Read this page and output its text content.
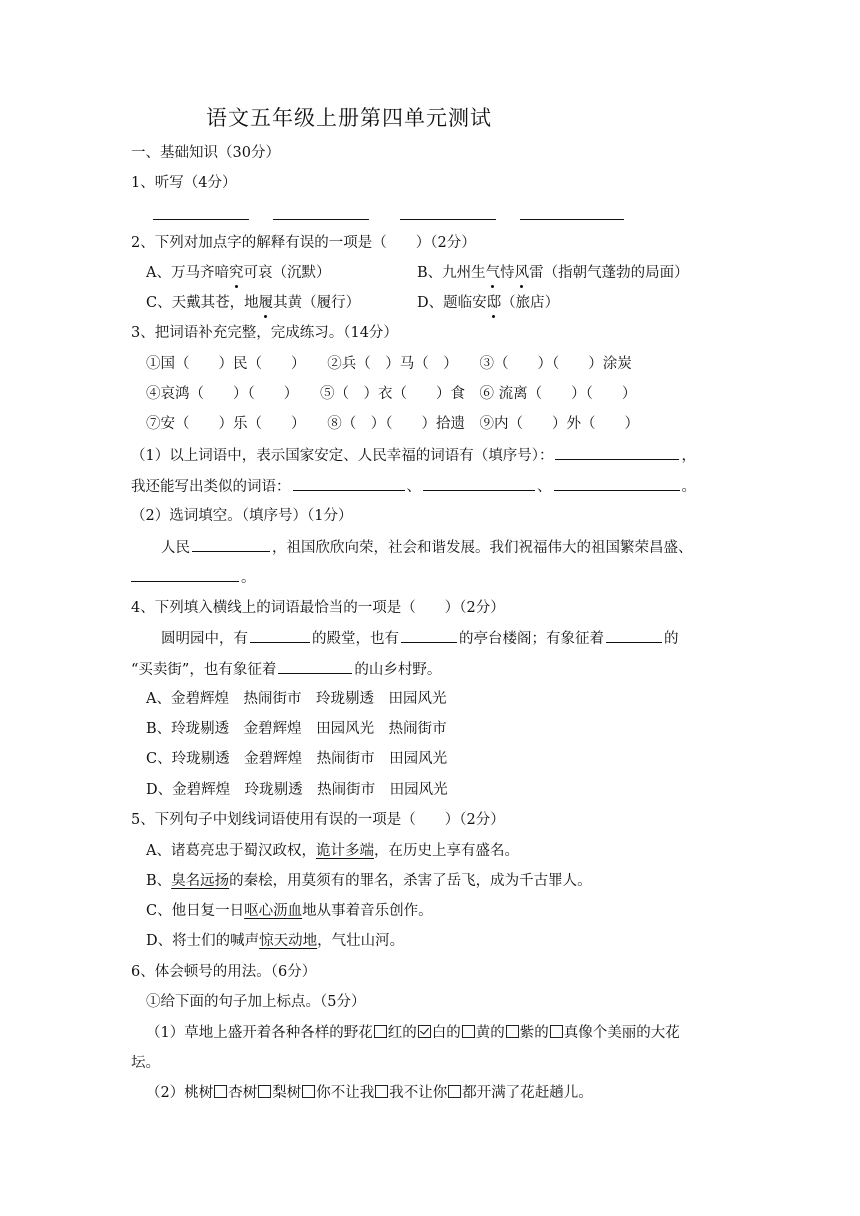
语文五年级上册第四单元测试
一、基础知识（30分）
1、听写（4分）
2、下列对加点字的解释有误的一项是（　　）（2分）
A、万马齐喑究可哀（沉默）	B、九州生气恃风雷（指朝气蓬勃的局面）
C、天戴其苍，地履其黄（履行）	D、题临安邸（旅店）
3、把词语补充完整，完成练习。（14分）
①国（　　）民（　　）　　②兵（　）马（　）　　③（　　）（　　）涂炭
④哀鸿（　　）（　　）　　⑤（　）衣（　　）食　⑥ 流离（　　）（　　）
⑦安（　　）乐（　　）　　⑧（　）（　　）拾遗　⑨内（　　）外（　　）
（1）以上词语中，表示国家安定、人民幸福的词语有（填序号）：	，
我还能写出类似的词语：	、	、	。
（2）选词填空。（填序号）（1分）
人民	，祖国欣欣向荣，社会和谐发展。我们祝福伟大的祖国繁荣昌盛、
。
4、下列填入横线上的词语最恰当的一项是（　　）（2分）
圆明园中，有	的殿堂，也有	的亭台楼阁；有象征着	的
“买卖街”，也有象征着	的山乡村野。
A、金碧辉煌　热闹街市　玲珑剔透　田园风光
B、玲珑剔透　金碧辉煌　田园风光　热闹街市
C、玲珑剔透　金碧辉煌　热闹街市　田园风光
D、金碧辉煌　玲珑剔透　热闹街市　田园风光
5、下列句子中划线词语使用有误的一项是（　　）（2分）
A、诸葛亮忠于蜀汉政权，诡计多端，在历史上享有盛名。
B、臭名远扬的秦桧，用莫须有的罪名，杀害了岳飞，成为千古罪人。
C、他日复一日呕心沥血地从事着音乐创作。
D、将士们的喊声惊天动地，气壮山河。
6、体会顿号的用法。（6分）
①给下面的句子加上标点。（5分）
（1）草地上盛开着各种各样的野花 红的 白的 黄的 紫的 真像个美丽的大花
坛。
（2）桃树 杏树 梨树 你不让我 我不让你 都开满了花赶趟儿。
